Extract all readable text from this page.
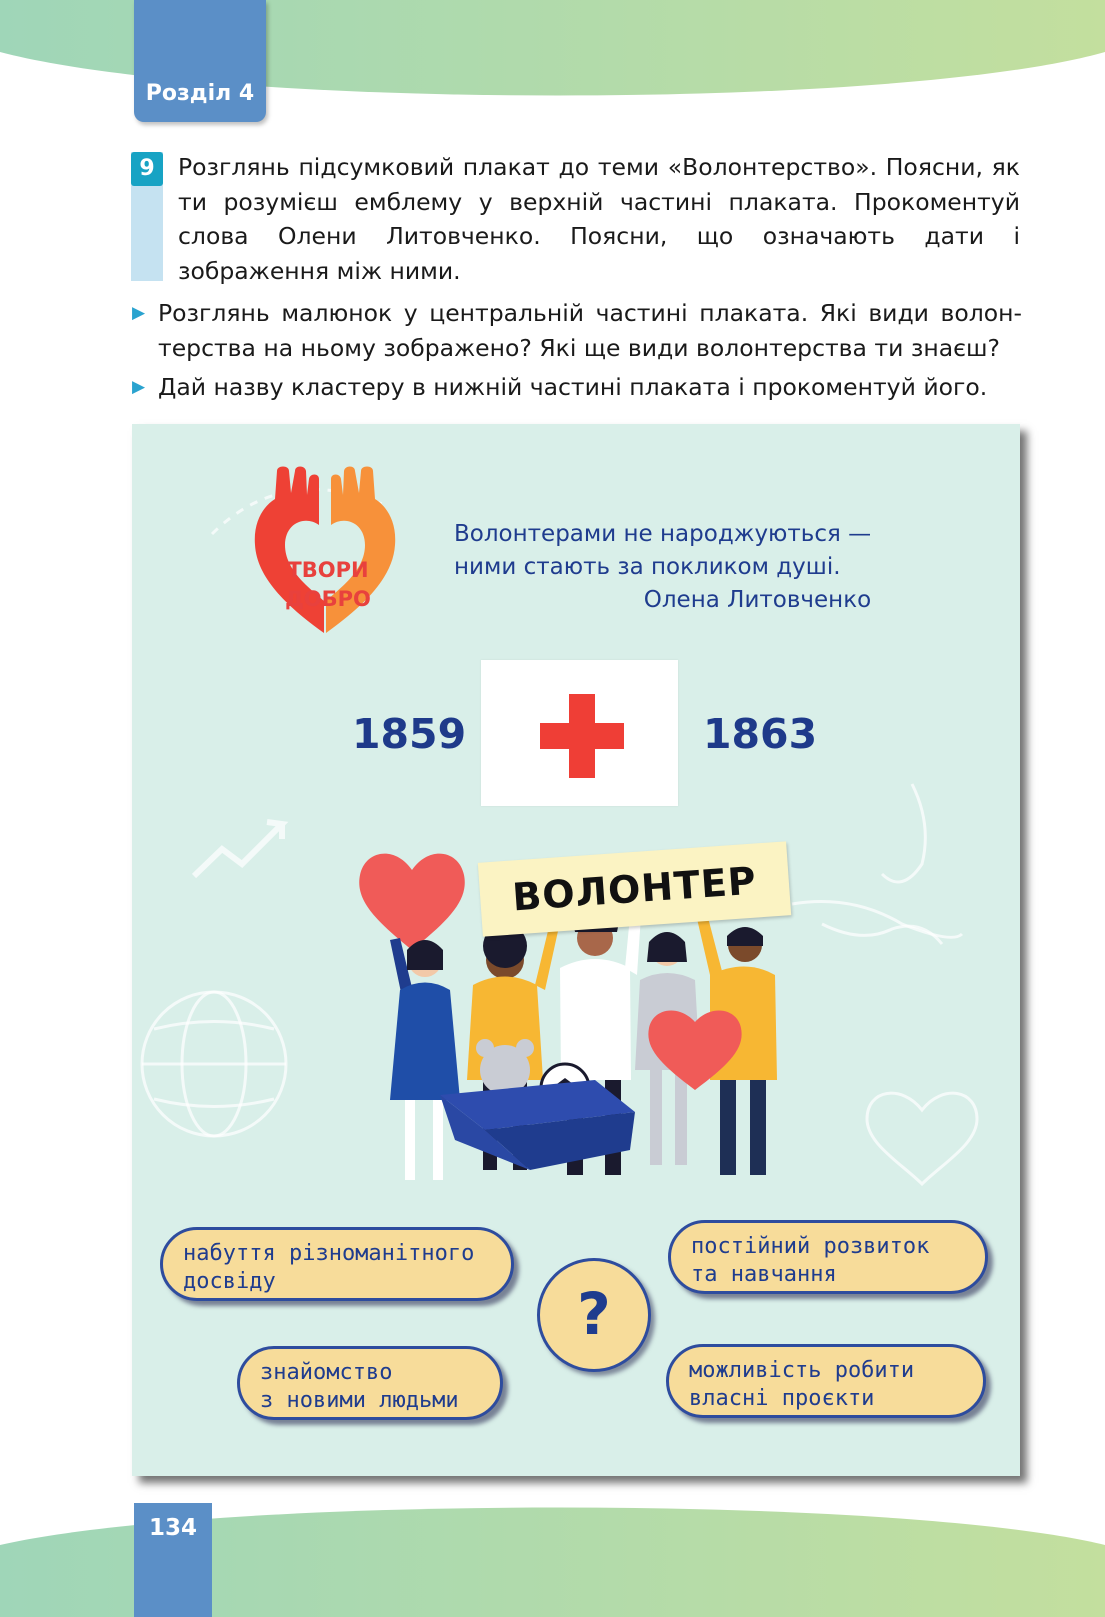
Розділ 4
9 Розглянь підсумковий плакат до теми «Волонтерство». Поясни, як ти розумієш емблему у верхній частині плаката. Прокоментуй слова Олени Литовченко. Поясни, що означають дати і зображення між ними.
▶ Розглянь малюнок у центральній частині плаката. Які види волонтерства на ньому зображено? Які ще види волонтерства ти знаєш?
▶ Дай назву кластеру в нижній частині плаката і прокоментуй його.
ТВОРИ
ДОБРО
Волонтерами не народжуються —
ними стають за покликом душі.
Олена Литовченко
1859	1863
ВОЛОНТЕР
набуття різноманітного
досвіду
постійний розвиток
та навчання
?
знайомство
з новими людьми
можливість робити
власні проєкти
134
